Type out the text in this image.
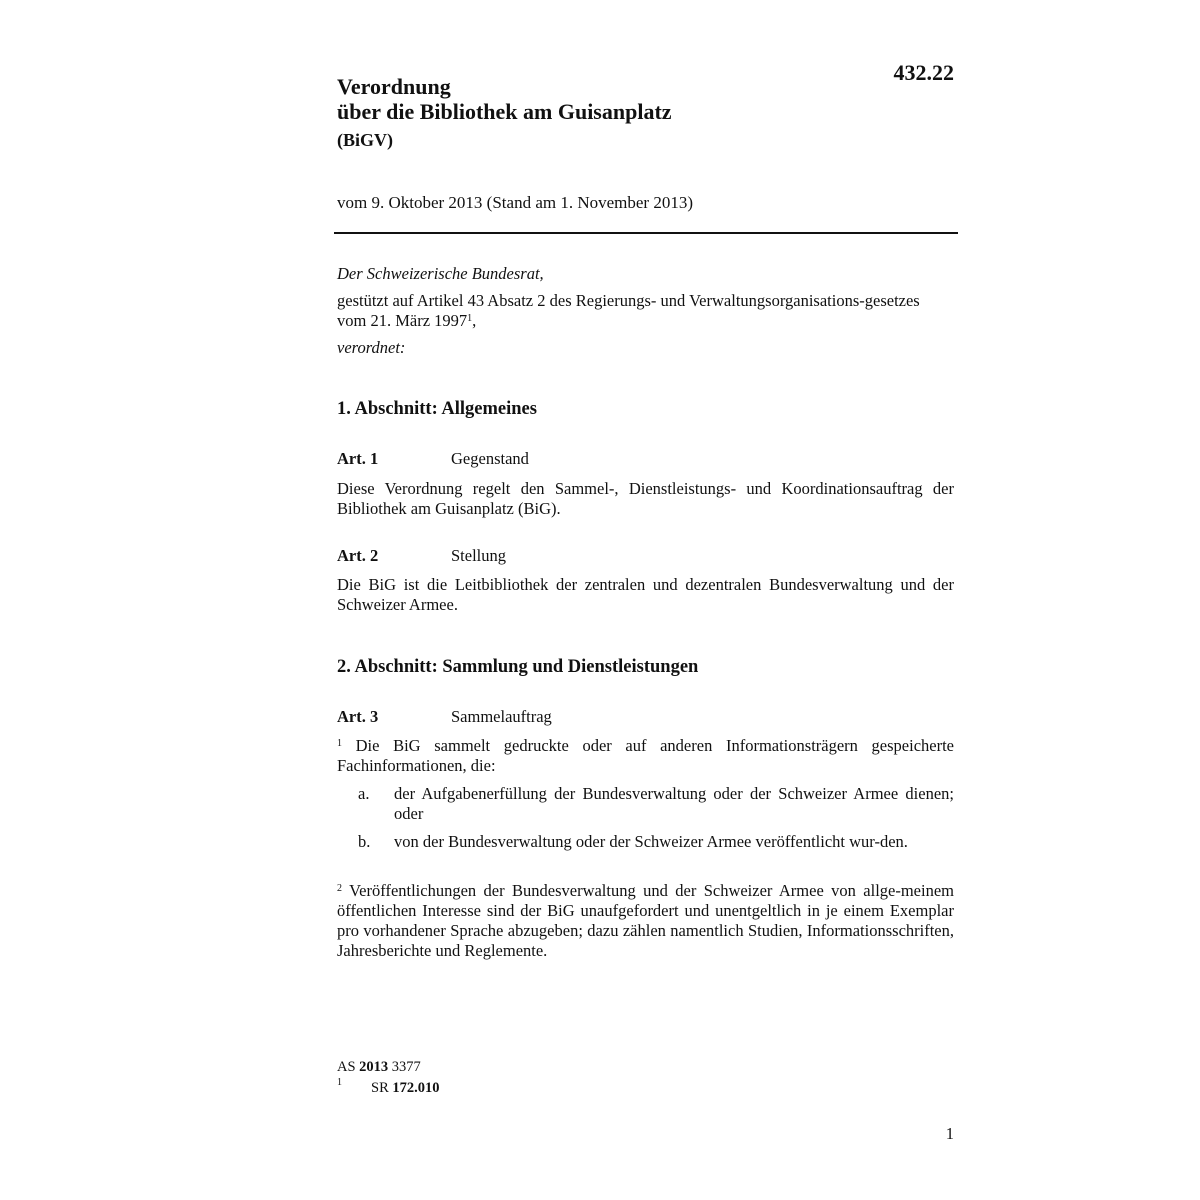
432.22
Verordnung
über die Bibliothek am Guisanplatz
(BiGV)
vom 9. Oktober 2013 (Stand am 1. November 2013)
Der Schweizerische Bundesrat,
gestützt auf Artikel 43 Absatz 2 des Regierungs- und Verwaltungsorganisations-gesetzes vom 21. März 1997$^1$,
verordnet:
1. Abschnitt: Allgemeines
Art. 1	Gegenstand
Diese Verordnung regelt den Sammel-, Dienstleistungs- und Koordinationsauftrag der Bibliothek am Guisanplatz (BiG).
Art. 2	Stellung
Die BiG ist die Leitbibliothek der zentralen und dezentralen Bundesverwaltung und der Schweizer Armee.
2. Abschnitt: Sammlung und Dienstleistungen
Art. 3	Sammelauftrag
$^1$ Die BiG sammelt gedruckte oder auf anderen Informationsträgern gespeicherte Fachinformationen, die:
a. der Aufgabenerfüllung der Bundesverwaltung oder der Schweizer Armee dienen; oder
b. von der Bundesverwaltung oder der Schweizer Armee veröffentlicht wur-den.
$^2$ Veröffentlichungen der Bundesverwaltung und der Schweizer Armee von allge-meinem öffentlichen Interesse sind der BiG unaufgefordert und unentgeltlich in je einem Exemplar pro vorhandener Sprache abzugeben; dazu zählen namentlich Studien, Informationsschriften, Jahresberichte und Reglemente.
AS 2013 3377
$^1$ SR 172.010
1
